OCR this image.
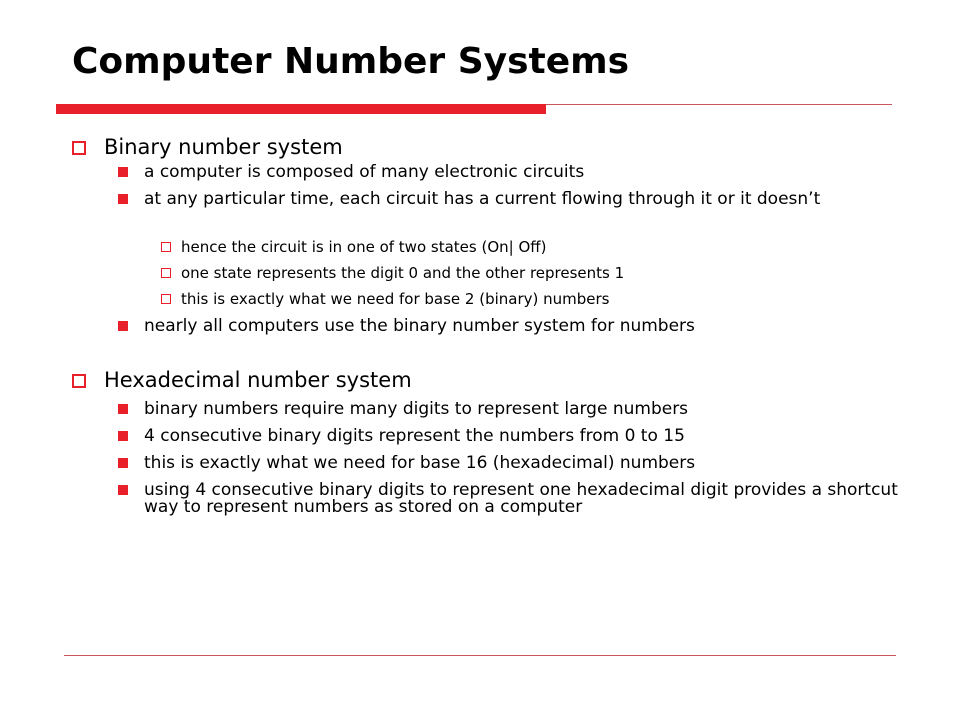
Computer Number Systems
Binary number system
a computer is composed of many electronic circuits
at any particular time, each circuit has a current flowing through it or it doesn’t
hence the circuit is in one of two states (On| Off)
one state represents the digit 0 and the other represents 1
this is exactly what we need for base 2 (binary) numbers
nearly all computers use the binary number system for numbers
Hexadecimal number system
binary numbers require many digits to represent large numbers
4 consecutive binary digits represent the numbers from 0 to 15
this is exactly what we need for base 16 (hexadecimal) numbers
using 4 consecutive binary digits to represent one hexadecimal digit provides a shortcut way to represent numbers as stored on a computer
